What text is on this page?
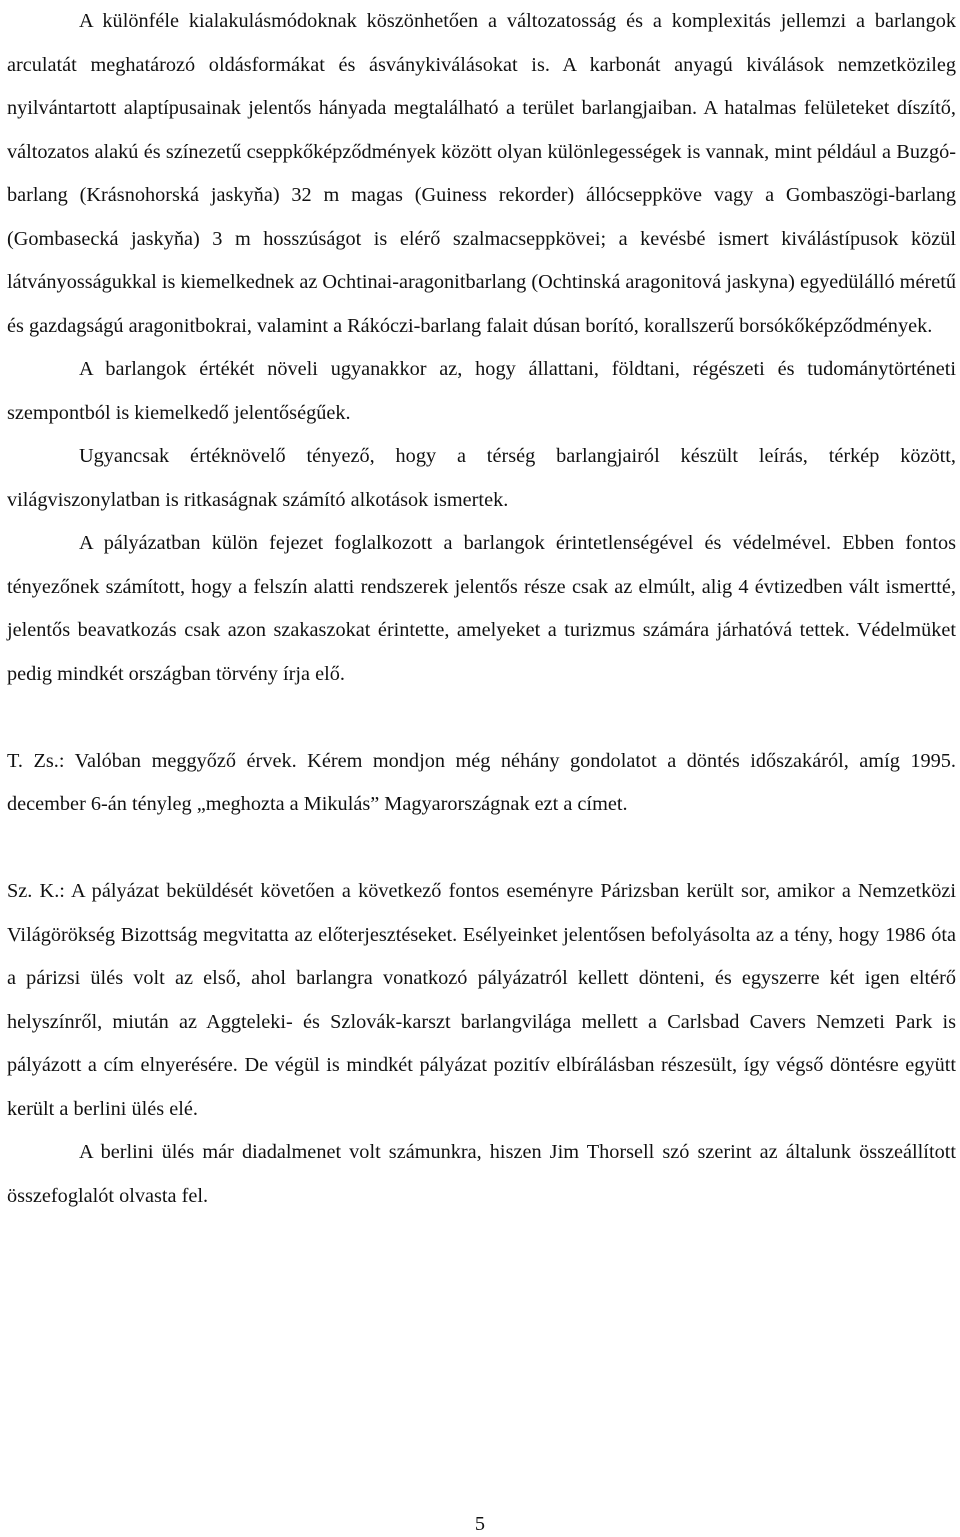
A különféle kialakulásmódoknak köszönhetően a változatosság és a komplexitás jellemzi a barlangok arculatát meghatározó oldásformákat és ásványkiválásokat is. A karbonát anyagú kiválások nemzetközileg nyilvántartott alaptípusainak jelentős hányada megtalálható a terület barlangjaiban. A hatalmas felületeket díszítő, változatos alakú és színezetű cseppkőképződmények között olyan különlegességek is vannak, mint például a Buzgó-barlang (Krásnohorská jaskyňa) 32 m magas (Guiness rekorder) állócseppköve vagy a Gombaszögi-barlang (Gombasecká jaskyňa) 3 m hosszúságot is elérő szalmacseppkövei; a kevésbé ismert kiválástípusok közül látványosságukkal is kiemelkednek az Ochtinai-aragonitbarlang (Ochtinská aragonitová jaskyna) egyedülálló méretű és gazdagságú aragonitbokrai, valamint a Rákóczi-barlang falait dúsan borító, korallszerű borsókőképződmények.

A barlangok értékét növeli ugyanakkor az, hogy állattani, földtani, régészeti és tudománytörténeti szempontból is kiemelkedő jelentőségűek.

Ugyancsak értéknövelő tényező, hogy a térség barlangjairól készült leírás, térkép között, világviszonylatban is ritkaságnak számító alkotások ismertek.

A pályázatban külön fejezet foglalkozott a barlangok érintetlenségével és védelmével. Ebben fontos tényezőnek számított, hogy a felszín alatti rendszerek jelentős része csak az elmúlt, alig 4 évtizedben vált ismertté, jelentős beavatkozás csak azon szakaszokat érintette, amelyeket a turizmus számára járhatóvá tettek. Védelmüket pedig mindkét országban törvény írja elő.

T. Zs.: Valóban meggyőző érvek. Kérem mondjon még néhány gondolatot a döntés időszakáról, amíg 1995. december 6-án tényleg „meghozta a Mikulás” Magyarországnak ezt a címet.

Sz. K.: A pályázat beküldését követően a következő fontos eseményre Párizsban került sor, amikor a Nemzetközi Világörökség Bizottság megvitatta az előterjesztéseket. Esélyeinket jelentősen befolyásolta az a tény, hogy 1986 óta a párizsi ülés volt az első, ahol barlangra vonatkozó pályázatról kellett dönteni, és egyszerre két igen eltérő helyszínről, miután az Aggteleki- és Szlovák-karszt barlangvilága mellett a Carlsbad Cavers Nemzeti Park is pályázott a cím elnyerésére. De végül is mindkét pályázat pozitív elbírálásban részesült, így végső döntésre együtt került a berlini ülés elé.

A berlini ülés már diadalmenet volt számunkra, hiszen Jim Thorsell szó szerint az általunk összeállított összefoglalót olvasta fel.

5
